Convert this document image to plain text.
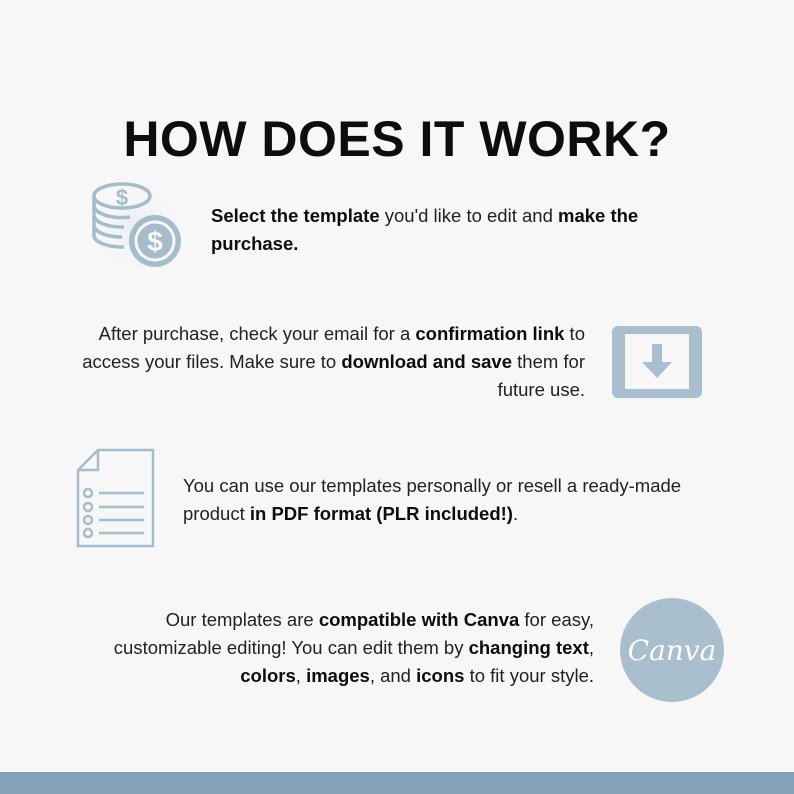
HOW DOES IT WORK?
$
$
Select the template you'd like to edit and make the purchase.
After purchase, check your email for a confirmation link to access your files. Make sure to download and save them for future use.
You can use our templates personally or resell a ready-made product in PDF format (PLR included!).
Our templates are compatible with Canva for easy, customizable editing! You can edit them by changing text, colors, images, and icons to fit your style.
Canva
